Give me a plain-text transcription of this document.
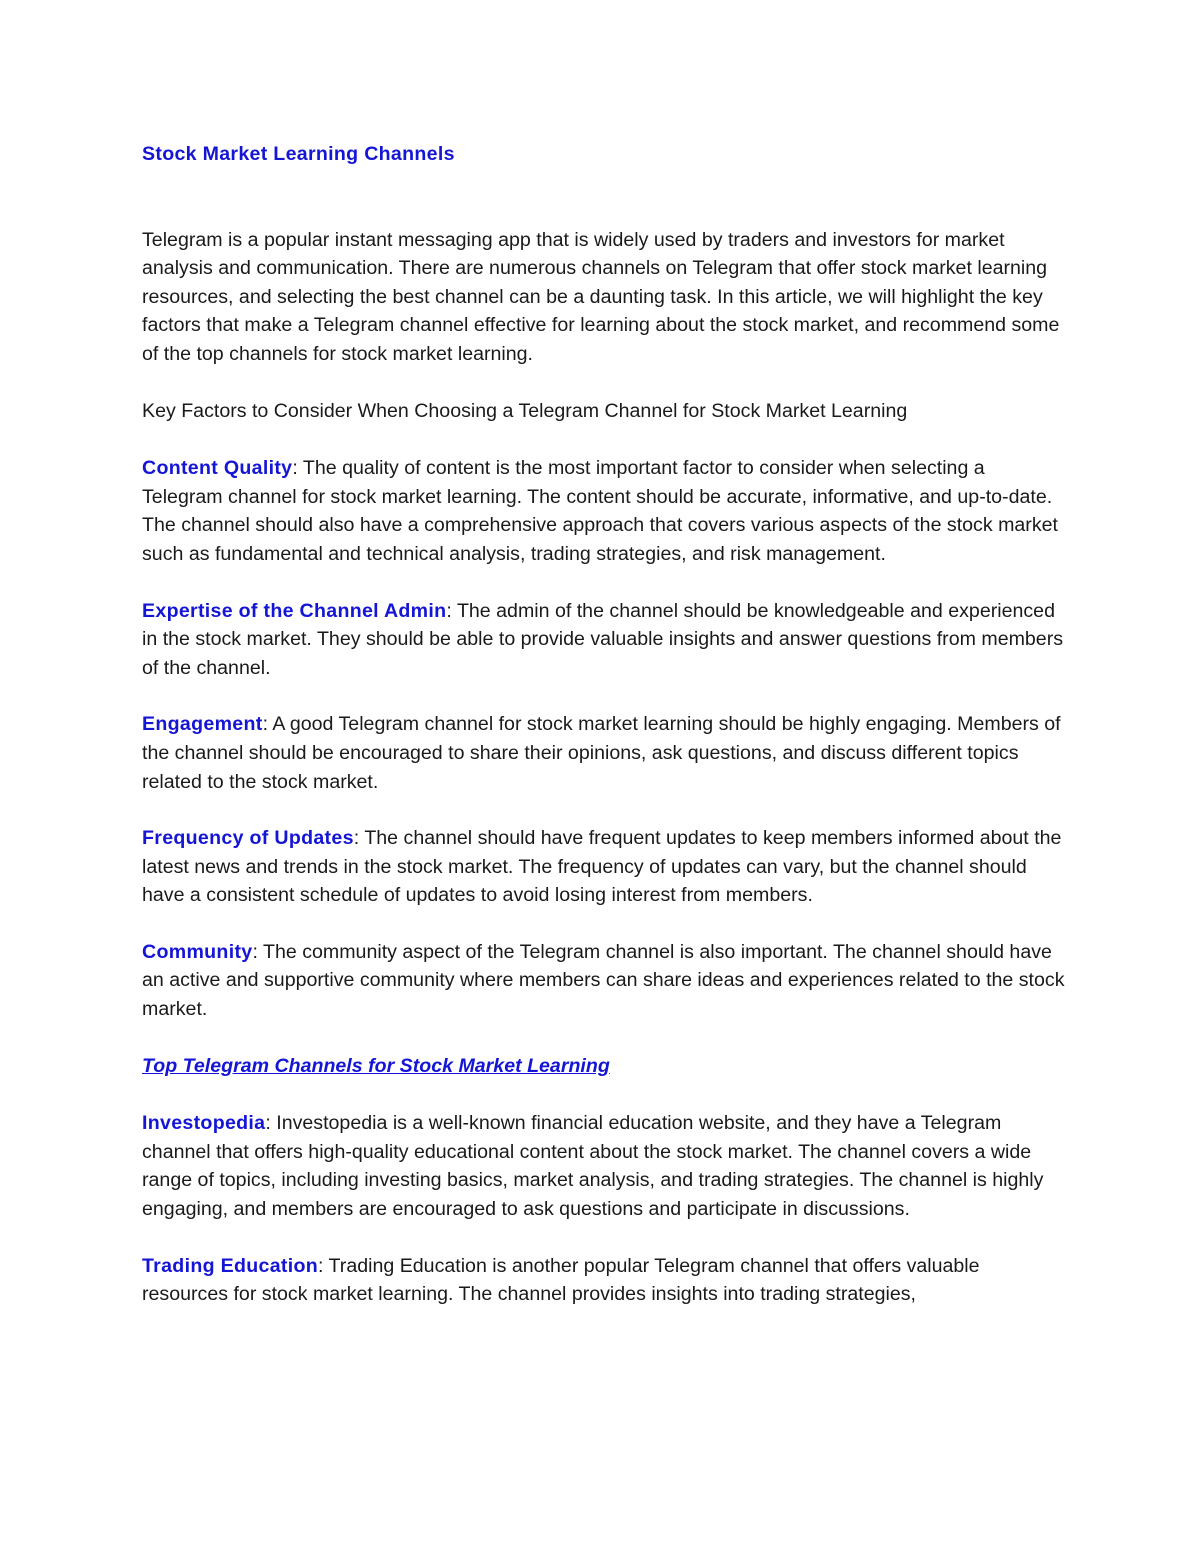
Stock Market Learning Channels

Telegram is a popular instant messaging app that is widely used by traders and investors for market analysis and communication. There are numerous channels on Telegram that offer stock market learning resources, and selecting the best channel can be a daunting task. In this article, we will highlight the key factors that make a Telegram channel effective for learning about the stock market, and recommend some of the top channels for stock market learning.

Key Factors to Consider When Choosing a Telegram Channel for Stock Market Learning

Content Quality: The quality of content is the most important factor to consider when selecting a Telegram channel for stock market learning. The content should be accurate, informative, and up-to-date. The channel should also have a comprehensive approach that covers various aspects of the stock market such as fundamental and technical analysis, trading strategies, and risk management.

Expertise of the Channel Admin: The admin of the channel should be knowledgeable and experienced in the stock market. They should be able to provide valuable insights and answer questions from members of the channel.

Engagement: A good Telegram channel for stock market learning should be highly engaging. Members of the channel should be encouraged to share their opinions, ask questions, and discuss different topics related to the stock market.

Frequency of Updates: The channel should have frequent updates to keep members informed about the latest news and trends in the stock market. The frequency of updates can vary, but the channel should have a consistent schedule of updates to avoid losing interest from members.

Community: The community aspect of the Telegram channel is also important. The channel should have an active and supportive community where members can share ideas and experiences related to the stock market.

Top Telegram Channels for Stock Market Learning

Investopedia: Investopedia is a well-known financial education website, and they have a Telegram channel that offers high-quality educational content about the stock market. The channel covers a wide range of topics, including investing basics, market analysis, and trading strategies. The channel is highly engaging, and members are encouraged to ask questions and participate in discussions.

Trading Education: Trading Education is another popular Telegram channel that offers valuable resources for stock market learning. The channel provides insights into trading strategies,
